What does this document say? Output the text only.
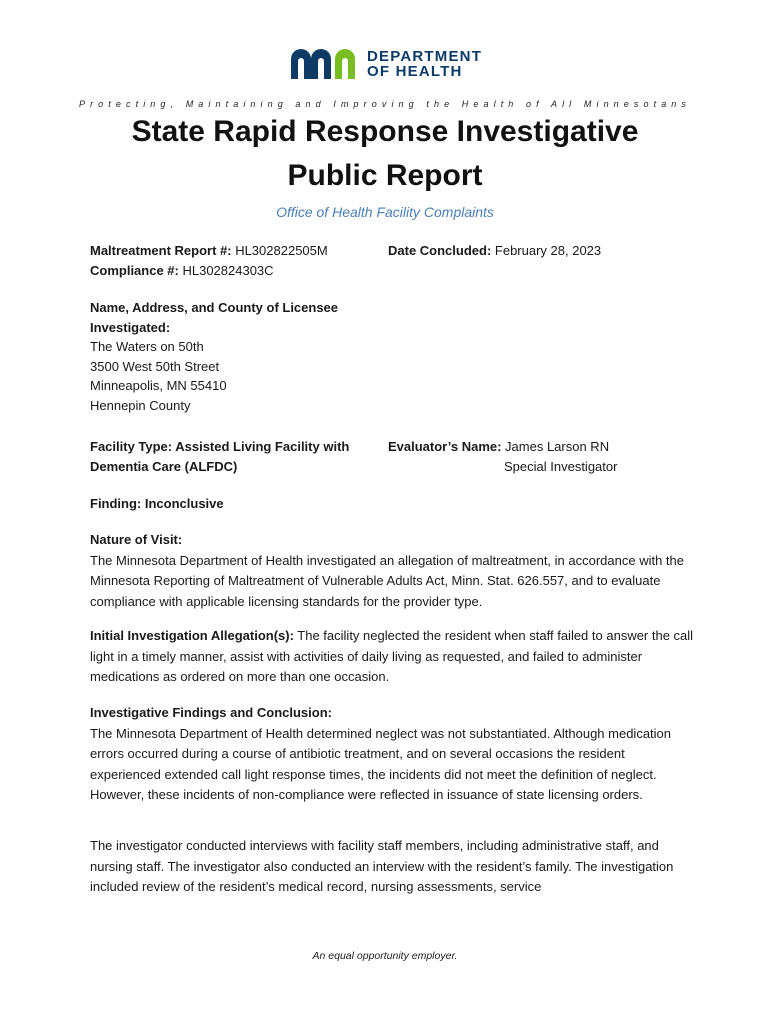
DEPARTMENT
OF HEALTH
Protecting, Maintaining and Improving the Health of All Minnesotans
State Rapid Response Investigative
Public Report
Office of Health Facility Complaints
Maltreatment Report #: HL302822505M
Compliance #: HL302824303C
Date Concluded: February 28, 2023
Name, Address, and County of Licensee
Investigated:
The Waters on 50th
3500 West 50th Street
Minneapolis, MN 55410
Hennepin County
Facility Type: Assisted Living Facility with
Dementia Care (ALFDC)
Evaluator’s Name: James Larson RN
Special Investigator
Finding: Inconclusive
Nature of Visit:
The Minnesota Department of Health investigated an allegation of maltreatment, in accordance with the Minnesota Reporting of Maltreatment of Vulnerable Adults Act, Minn. Stat. 626.557, and to evaluate compliance with applicable licensing standards for the provider type.
Initial Investigation Allegation(s): The facility neglected the resident when staff failed to answer the call light in a timely manner, assist with activities of daily living as requested, and failed to administer medications as ordered on more than one occasion.
Investigative Findings and Conclusion:
The Minnesota Department of Health determined neglect was not substantiated. Although medication errors occurred during a course of antibiotic treatment, and on several occasions the resident experienced extended call light response times, the incidents did not meet the definition of neglect. However, these incidents of non-compliance were reflected in issuance of state licensing orders.
The investigator conducted interviews with facility staff members, including administrative staff, and nursing staff. The investigator also conducted an interview with the resident’s family. The investigation included review of the resident’s medical record, nursing assessments, service
An equal opportunity employer.
